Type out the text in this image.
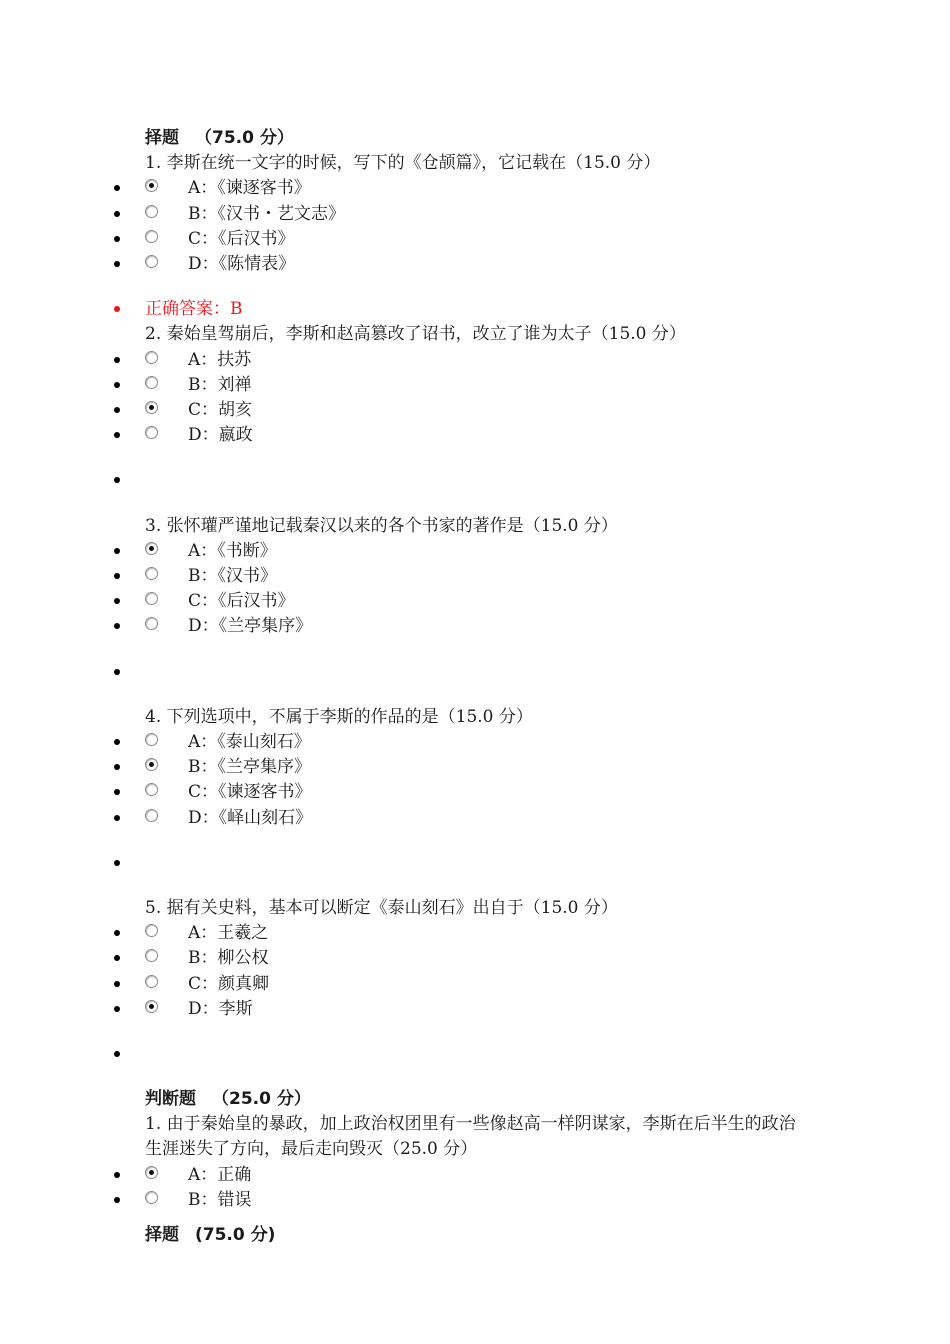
择题 （75.0 分）
1. 李斯在统一文字的时候，写下的《仓颉篇》，它记载在（15.0 分）
A：《谏逐客书》
B：《汉书・艺文志》
C：《后汉书》
D：《陈情表》
正确答案：B
2. 秦始皇驾崩后，李斯和赵高篡改了诏书，改立了谁为太子（15.0 分）
A：扶苏
B：刘禅
C：胡亥
D：嬴政
3. 张怀瓘严谨地记载秦汉以来的各个书家的著作是（15.0 分）
A：《书断》
B：《汉书》
C：《后汉书》
D：《兰亭集序》
4. 下列选项中，不属于李斯的作品的是（15.0 分）
A：《泰山刻石》
B：《兰亭集序》
C：《谏逐客书》
D：《峄山刻石》
5. 据有关史料，基本可以断定《泰山刻石》出自于（15.0 分）
A：王羲之
B：柳公权
C：颜真卿
D：李斯
判断题 （25.0 分）
1. 由于秦始皇的暴政，加上政治权团里有一些像赵高一样阴谋家，李斯在后半生的政治生涯迷失了方向，最后走向毁灭（25.0 分）
A：正确
B：错误
择题 (75.0 分)
